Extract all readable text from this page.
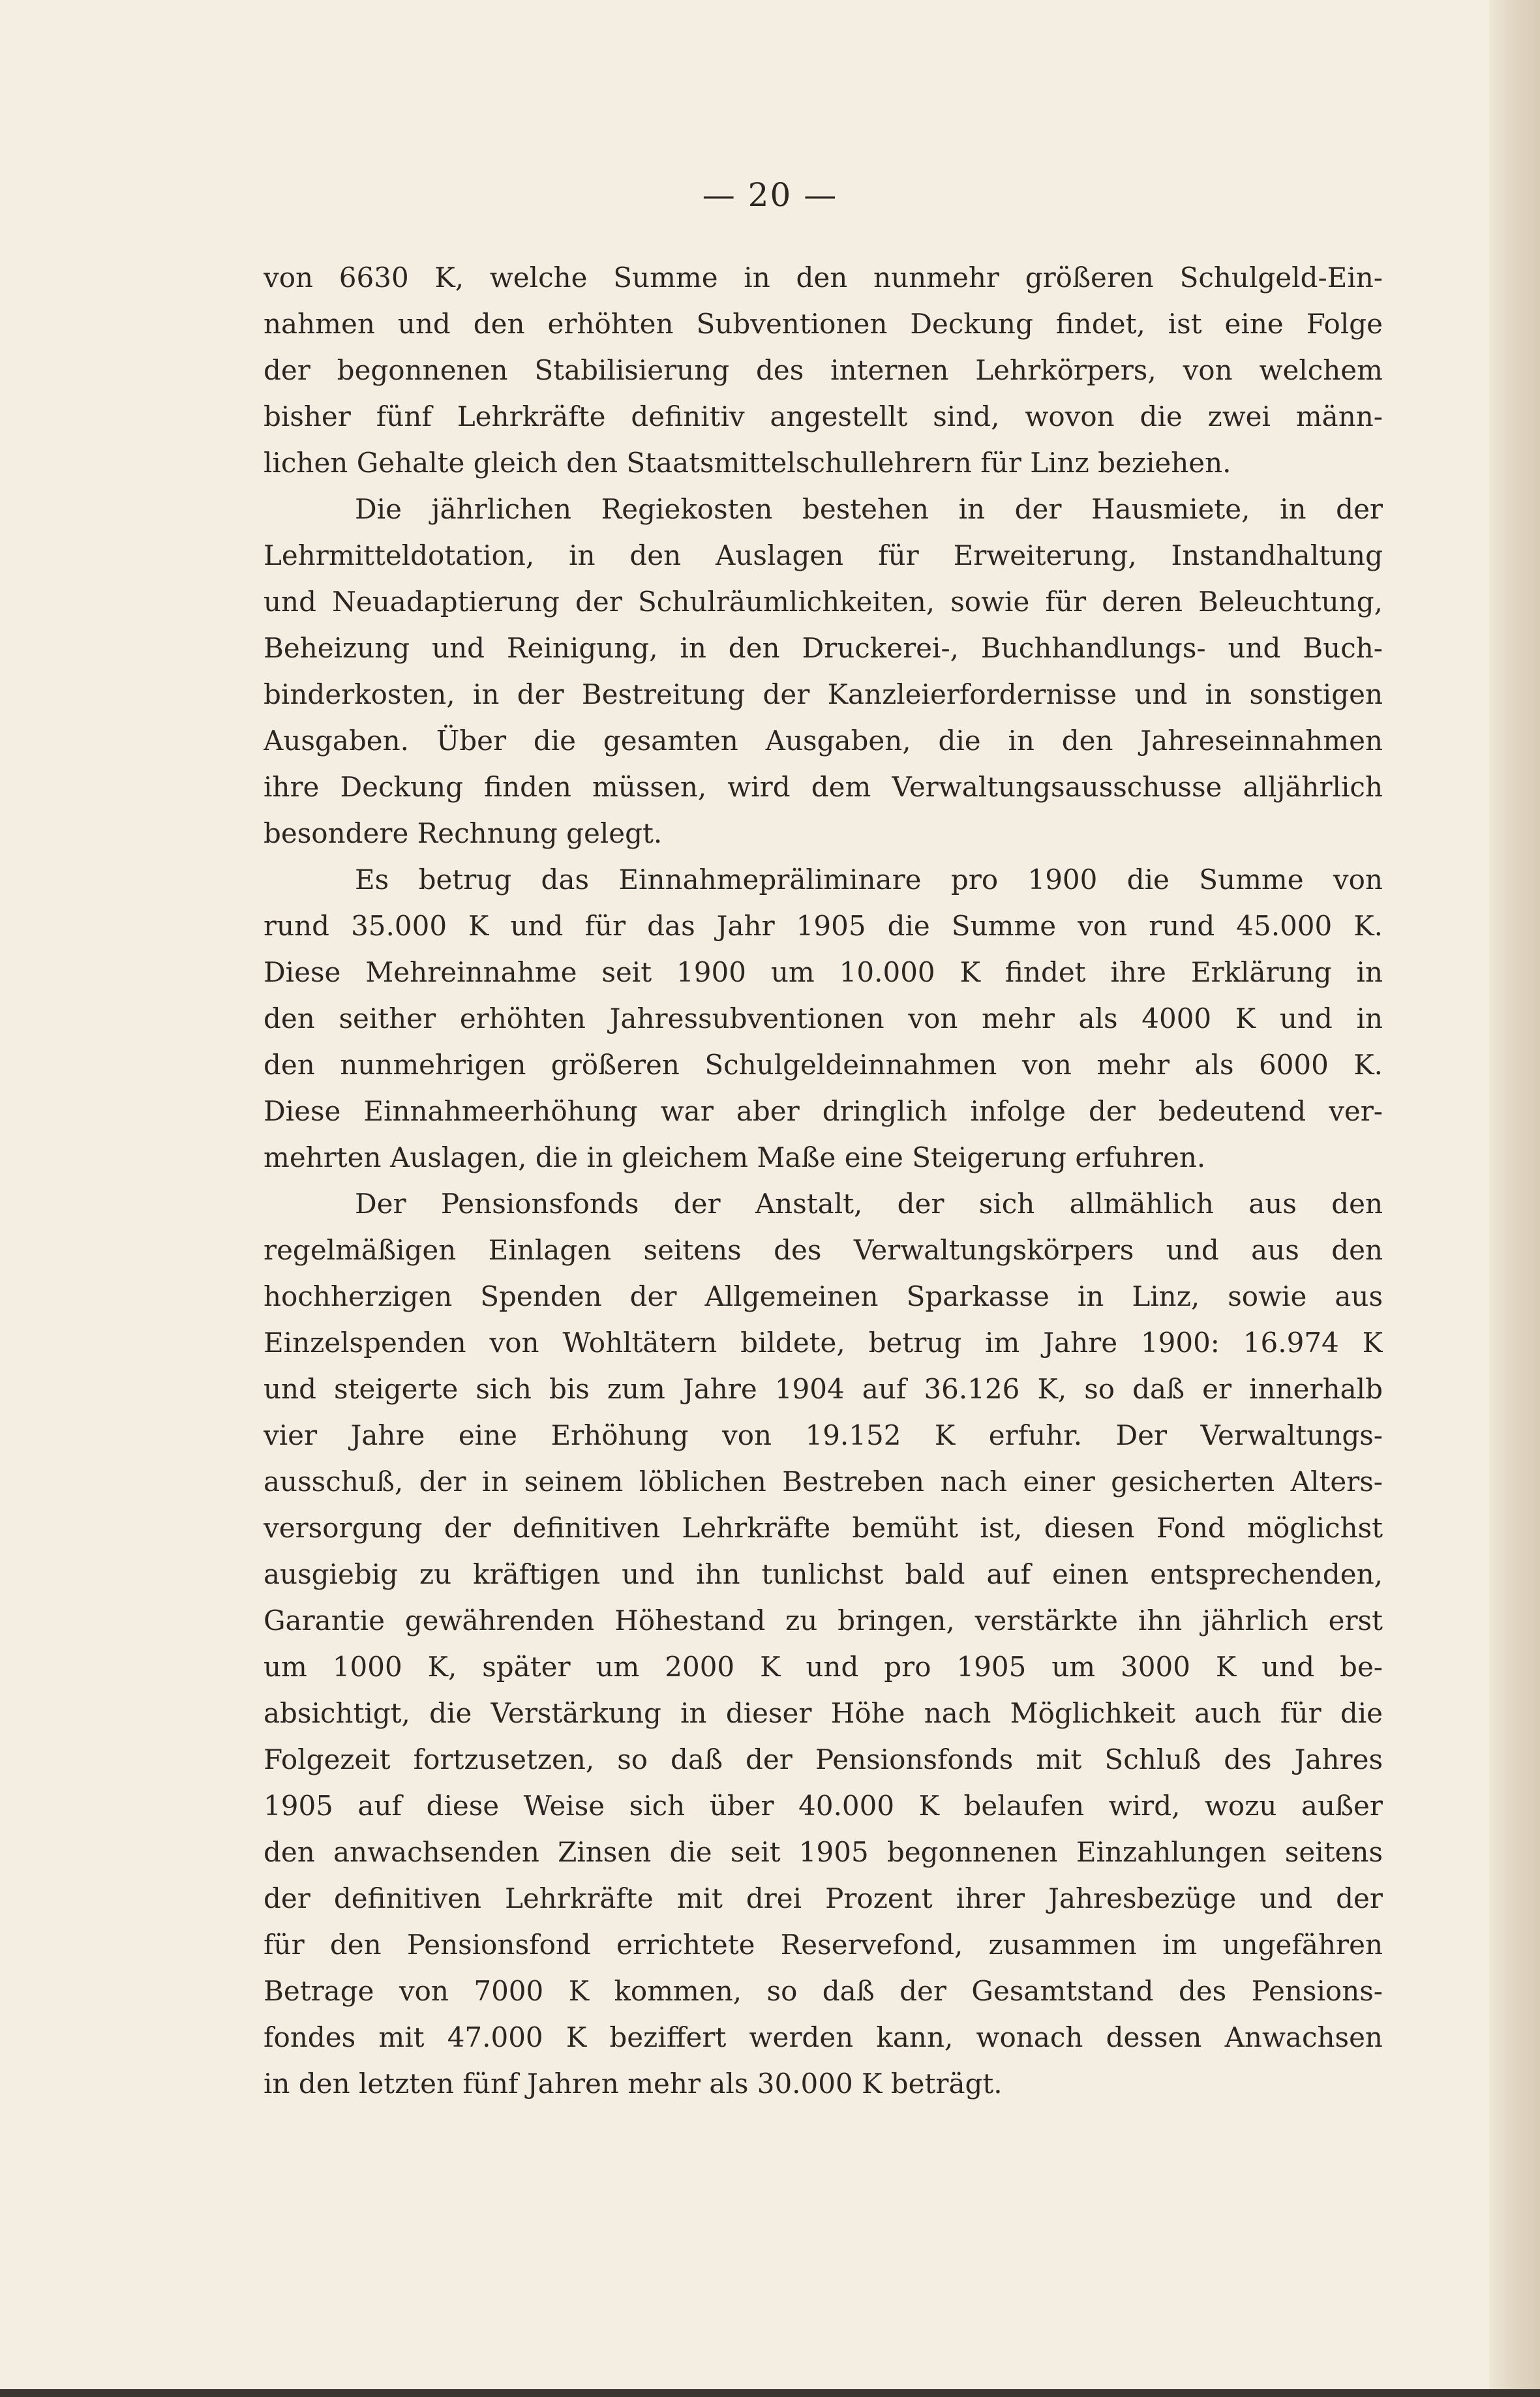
— 20 —
von 6630 K, welche Summe in den nunmehr größeren Schulgeld-Ein-
nahmen und den erhöhten Subventionen Deckung findet, ist eine Folge
der begonnenen Stabilisierung des internen Lehrkörpers, von welchem
bisher fünf Lehrkräfte definitiv angestellt sind, wovon die zwei männ-
lichen Gehalte gleich den Staatsmittelschullehrern für Linz beziehen.
Die jährlichen Regiekosten bestehen in der Hausmiete, in der
Lehrmitteldotation, in den Auslagen für Erweiterung, Instandhaltung
und Neuadaptierung der Schulräumlichkeiten, sowie für deren Beleuchtung,
Beheizung und Reinigung, in den Druckerei-, Buchhandlungs- und Buch-
binderkosten, in der Bestreitung der Kanzleierfordernisse und in sonstigen
Ausgaben. Über die gesamten Ausgaben, die in den Jahreseinnahmen
ihre Deckung finden müssen, wird dem Verwaltungsausschusse alljährlich
besondere Rechnung gelegt.
Es betrug das Einnahmepräliminare pro 1900 die Summe von
rund 35.000 K und für das Jahr 1905 die Summe von rund 45.000 K.
Diese Mehreinnahme seit 1900 um 10.000 K findet ihre Erklärung in
den seither erhöhten Jahressubventionen von mehr als 4000 K und in
den nunmehrigen größeren Schulgeldeinnahmen von mehr als 6000 K.
Diese Einnahmeerhöhung war aber dringlich infolge der bedeutend ver-
mehrten Auslagen, die in gleichem Maße eine Steigerung erfuhren.
Der Pensionsfonds der Anstalt, der sich allmählich aus den
regelmäßigen Einlagen seitens des Verwaltungskörpers und aus den
hochherzigen Spenden der Allgemeinen Sparkasse in Linz, sowie aus
Einzelspenden von Wohltätern bildete, betrug im Jahre 1900: 16.974 K
und steigerte sich bis zum Jahre 1904 auf 36.126 K, so daß er innerhalb
vier Jahre eine Erhöhung von 19.152 K erfuhr. Der Verwaltungs-
ausschuß, der in seinem löblichen Bestreben nach einer gesicherten Alters-
versorgung der definitiven Lehrkräfte bemüht ist, diesen Fond möglichst
ausgiebig zu kräftigen und ihn tunlichst bald auf einen entsprechenden,
Garantie gewährenden Höhestand zu bringen, verstärkte ihn jährlich erst
um 1000 K, später um 2000 K und pro 1905 um 3000 K und be-
absichtigt, die Verstärkung in dieser Höhe nach Möglichkeit auch für die
Folgezeit fortzusetzen, so daß der Pensionsfonds mit Schluß des Jahres
1905 auf diese Weise sich über 40.000 K belaufen wird, wozu außer
den anwachsenden Zinsen die seit 1905 begonnenen Einzahlungen seitens
der definitiven Lehrkräfte mit drei Prozent ihrer Jahresbezüge und der
für den Pensionsfond errichtete Reservefond, zusammen im ungefähren
Betrage von 7000 K kommen, so daß der Gesamtstand des Pensions-
fondes mit 47.000 K beziffert werden kann, wonach dessen Anwachsen
in den letzten fünf Jahren mehr als 30.000 K beträgt.
